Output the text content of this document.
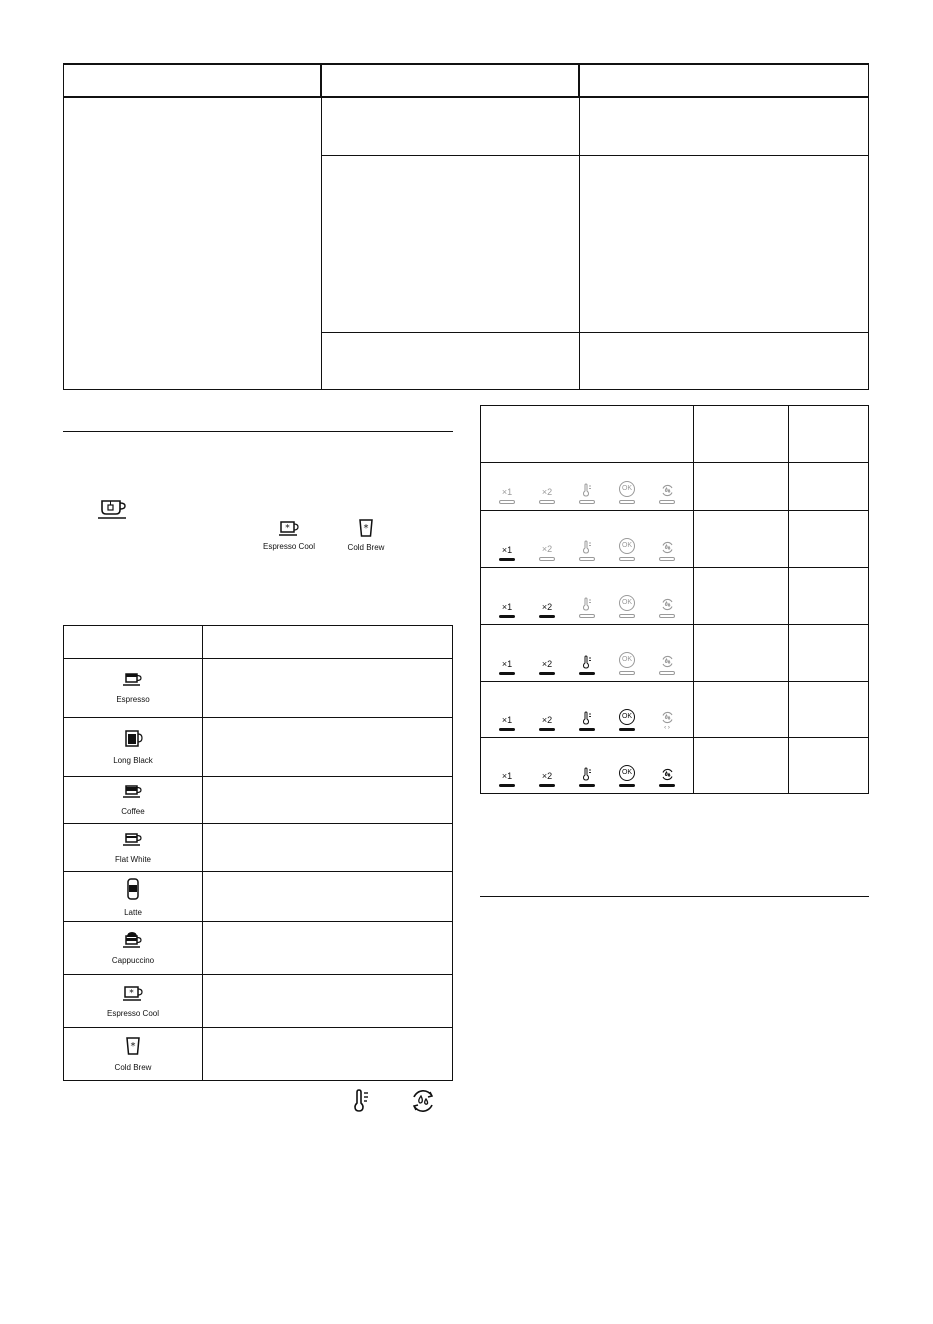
*
Espresso Cool
*
Cold Brew

Espresso	

Long Black	

Coffee	

Flat White	

Latte	

Cappuccino	

*
Espresso Cool	

*
Cold Brew	

×1 ×2 OK		

×1 ×2 OK		

×1 ×2 OK		

×1 ×2 OK		

×1 ×2 OK
‹ ›		

×1 ×2 OK		
